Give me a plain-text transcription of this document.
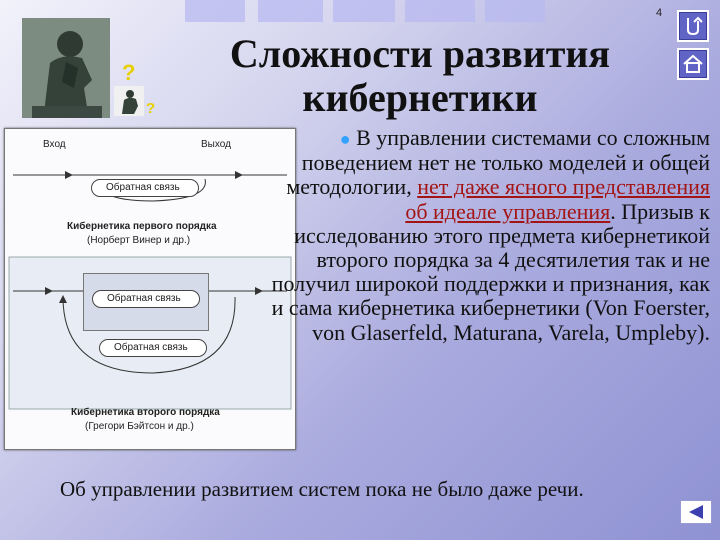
4
?
?
Сложности развития
кибернетики
Вход	Выход
Обратная связь
Кибернетика первого порядка
(Норберт Винер и др.)
Обратная связь
Обратная связь
Кибернетика второго порядка
(Грегори Бэйтсон и др.)
● В управлении системами со сложным поведением нет не только моделей и общей методологии, нет даже ясного представления об идеале управления. Призыв к исследованию этого предмета кибернетикой второго порядка за 4 десятилетия так и не получил широкой поддержки и признания, как и сама кибернетика кибернетики (Von Foerster, von Glaserfeld, Maturana, Varela, Umpleby).
Об управлении развитием систем пока не было даже речи.
